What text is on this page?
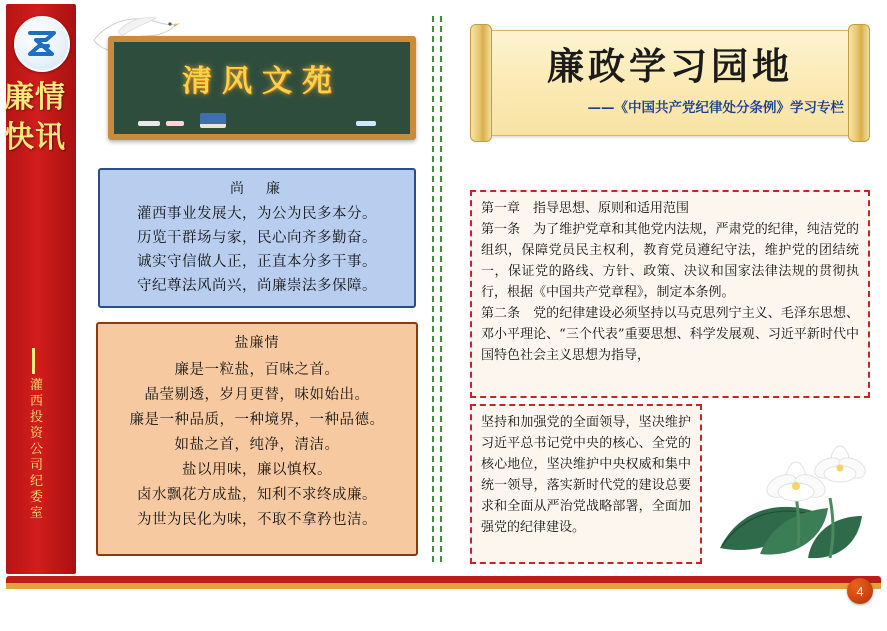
廉情快讯
灌西投资公司纪委室
清风文苑
尚　廉
灌西事业发展大，为公为民多本分。
历览干群场与家，民心向齐多勤奋。
诚实守信做人正，正直本分多干事。
守纪尊法风尚兴，尚廉崇法多保障。
盐廉情
廉是一粒盐，百味之首。
晶莹剔透，岁月更替，味如始出。
廉是一种品质，一种境界，一种品德。
如盐之首，纯净，清洁。
盐以用味，廉以慎权。
卤水飘花方成盐，知利不求终成廉。
为世为民化为味，不取不拿矜也洁。
廉政学习园地
——《中国共产党纪律处分条例》学习专栏

第一章　指导思想、原则和适用范围

第一条　为了维护党章和其他党内法规，严肃党的纪律，纯洁党的组织，保障党员民主权利，教育党员遵纪守法，维护党的团结统一，保证党的路线、方针、政策、决议和国家法律法规的贯彻执行，根据《中国共产党章程》，制定本条例。

第二条　党的纪律建设必须坚持以马克思列宁主义、毛泽东思想、邓小平理论、“三个代表”重要思想、科学发展观、习近平新时代中国特色社会主义思想为指导，

坚持和加强党的全面领导，坚决维护习近平总书记党中央的核心、全党的核心地位，坚决维护中央权威和集中统一领导，落实新时代党的建设总要求和全面从严治党战略部署，全面加强党的纪律建设。

4
